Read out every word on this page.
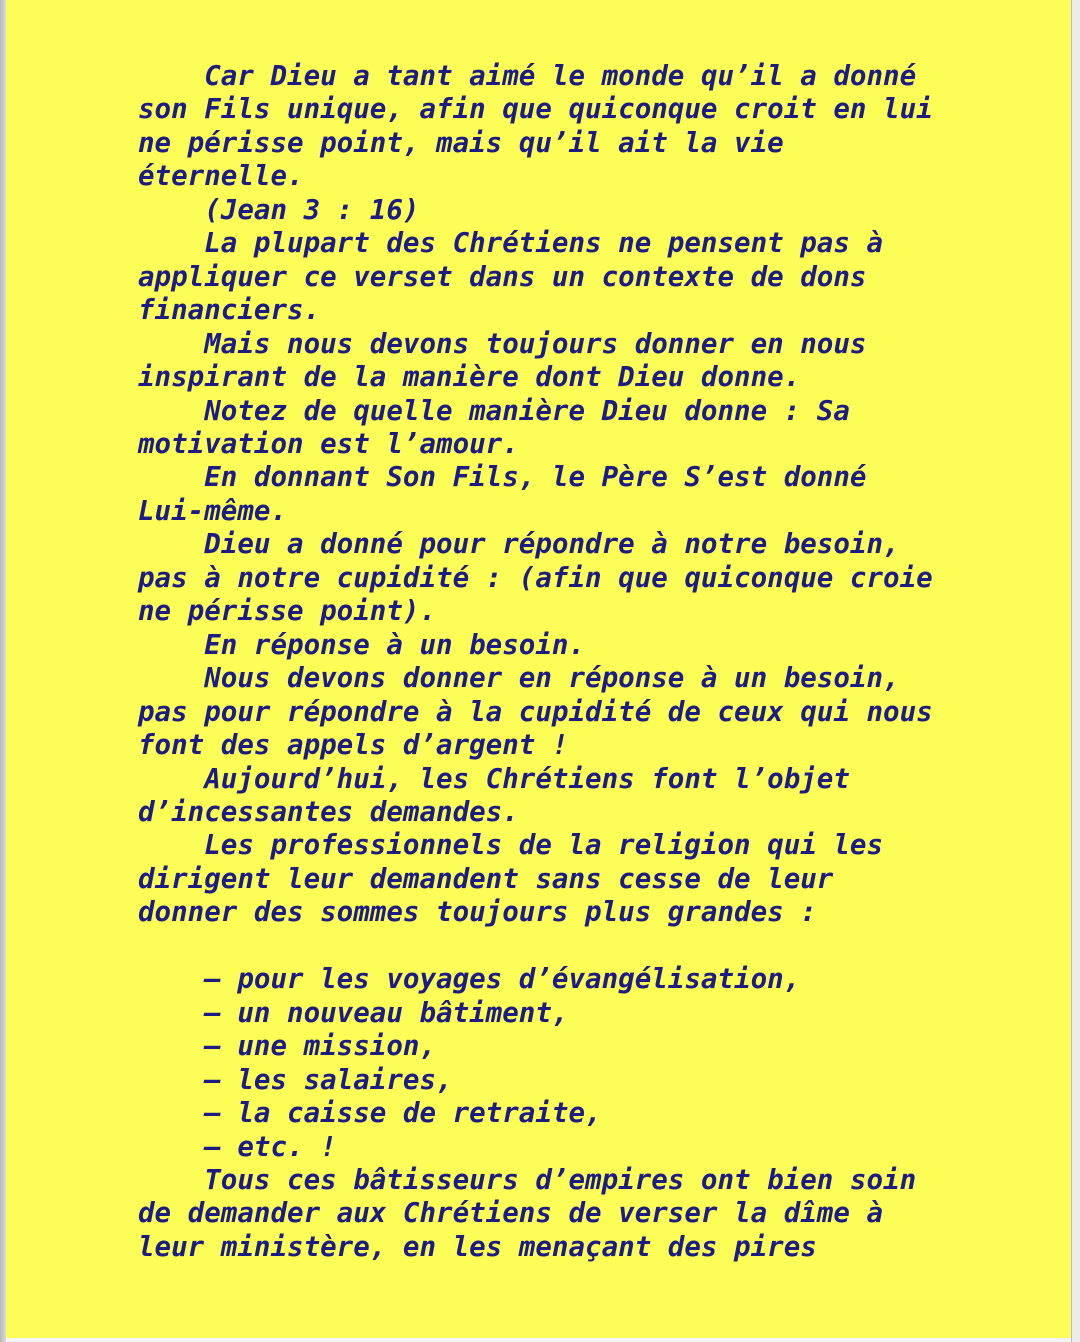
Car Dieu a tant aimé le monde qu’il a donné
son Fils unique, afin que quiconque croit en lui
ne périsse point, mais qu’il ait la vie
éternelle.
(Jean 3 : 16)
La plupart des Chrétiens ne pensent pas à
appliquer ce verset dans un contexte de dons
financiers.
Mais nous devons toujours donner en nous
inspirant de la manière dont Dieu donne.
Notez de quelle manière Dieu donne : Sa
motivation est l’amour.
En donnant Son Fils, le Père S’est donné
Lui-même.
Dieu a donné pour répondre à notre besoin,
pas à notre cupidité : (afin que quiconque croie
ne périsse point).
En réponse à un besoin.
Nous devons donner en réponse à un besoin,
pas pour répondre à la cupidité de ceux qui nous
font des appels d’argent !
Aujourd’hui, les Chrétiens font l’objet
d’incessantes demandes.
Les professionnels de la religion qui les
dirigent leur demandent sans cesse de leur
donner des sommes toujours plus grandes :

– pour les voyages d’évangélisation,
– un nouveau bâtiment,
– une mission,
– les salaires,
– la caisse de retraite,
– etc. !
Tous ces bâtisseurs d’empires ont bien soin
de demander aux Chrétiens de verser la dîme à
leur ministère, en les menaçant des pires
